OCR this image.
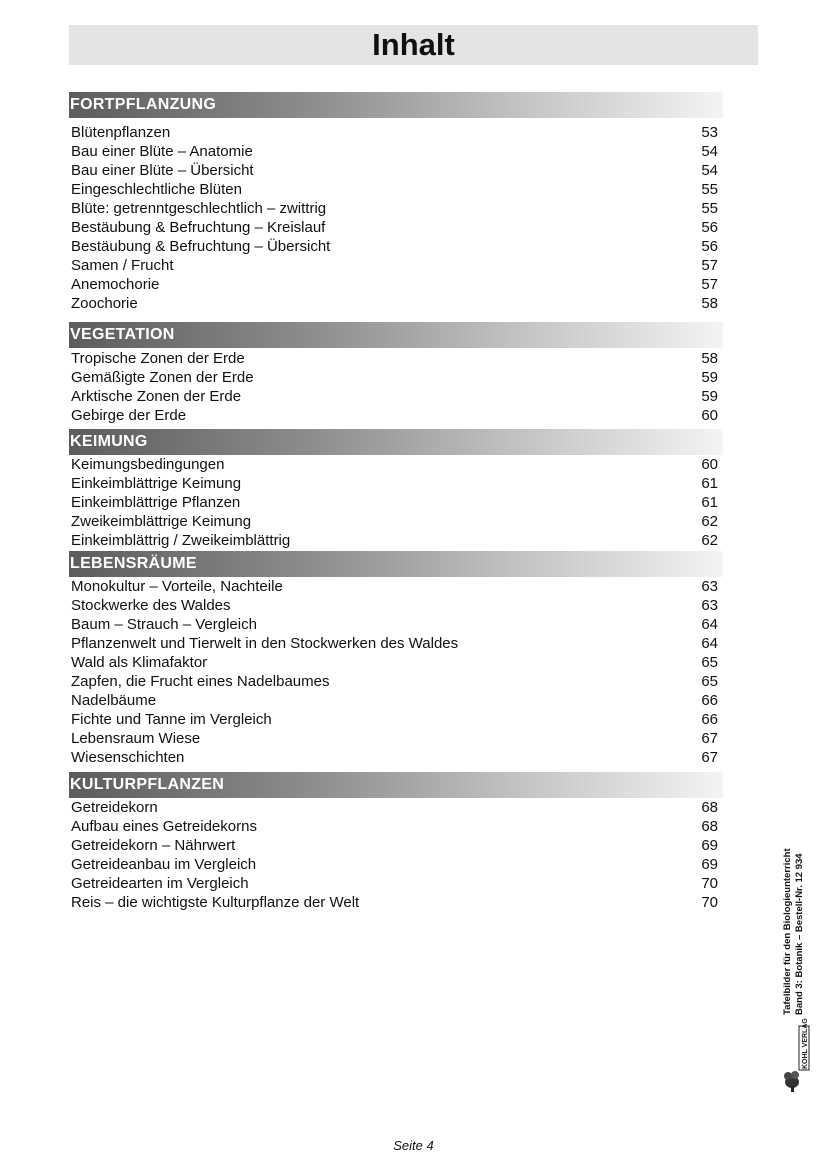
Inhalt
FORTPFLANZUNG
Blütenpflanzen	53
Bau einer Blüte – Anatomie	54
Bau einer Blüte – Übersicht	54
Eingeschlechtliche Blüten	55
Blüte: getrenntgeschlechtlich – zwittrig	55
Bestäubung & Befruchtung – Kreislauf	56
Bestäubung & Befruchtung – Übersicht	56
Samen / Frucht	57
Anemochorie	57
Zoochorie	58
VEGETATION
Tropische Zonen der Erde	58
Gemäßigte Zonen der Erde	59
Arktische Zonen der Erde	59
Gebirge der Erde	60
KEIMUNG
Keimungsbedingungen	60
Einkeimblättrige Keimung	61
Einkeimblättrige Pflanzen	61
Zweikeimblättrige Keimung	62
Einkeimblättrig / Zweikeimblättrig	62
LEBENSRÄUME
Monokultur – Vorteile, Nachteile	63
Stockwerke des Waldes	63
Baum – Strauch – Vergleich	64
Pflanzenwelt und Tierwelt in den Stockwerken des Waldes	64
Wald als Klimafaktor	65
Zapfen, die Frucht eines Nadelbaumes	65
Nadelbäume	66
Fichte und Tanne im Vergleich	66
Lebensraum Wiese	67
Wiesenschichten	67
KULTURPFLANZEN
Getreidekorn	68
Aufbau eines Getreidekorns	68
Getreidekorn – Nährwert	69
Getreideanbau im Vergleich	69
Getreidearten im Vergleich	70
Reis – die wichtigste Kulturpflanze der Welt	70	Tafelbilder für den Biologieunterricht Band 3: Botanik – Bestell-Nr. 12 934
KOHL VERLAG
Seite 4
